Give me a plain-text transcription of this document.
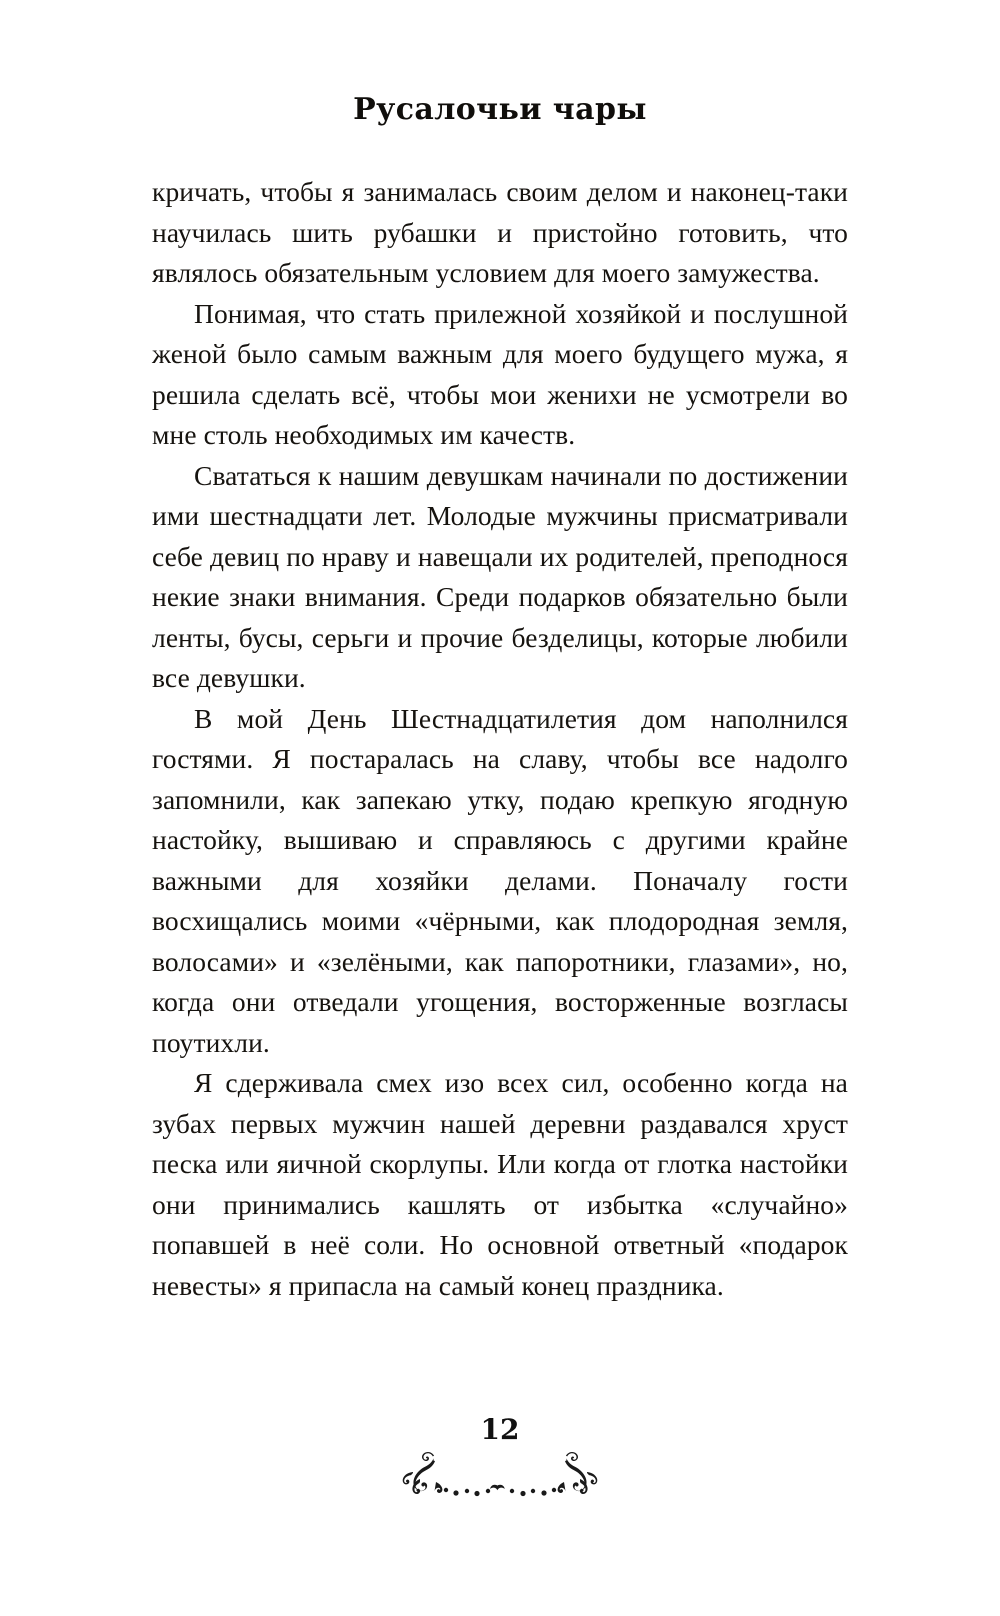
Русалочьи чары

кричать, чтобы я занималась своим делом и наконец-таки научилась шить рубашки и пристойно готовить, что являлось обязательным условием для моего замужества.

Понимая, что стать прилежной хозяйкой и послушной женой было самым важным для моего будущего мужа, я решила сделать всё, чтобы мои женихи не усмотрели во мне столь необходимых им качеств.

Свататься к нашим девушкам начинали по достижении ими шестнадцати лет. Молодые мужчины присматривали себе девиц по нраву и навещали их родителей, преподнося некие знаки внимания. Среди подарков обязательно были ленты, бусы, серьги и прочие безделицы, которые любили все девушки.

В мой День Шестнадцатилетия дом наполнился гостями. Я постаралась на славу, чтобы все надолго запомнили, как запекаю утку, подаю крепкую ягодную настойку, вышиваю и справляюсь с другими крайне важными для хозяйки делами. Поначалу гости восхищались моими «чёрными, как плодородная земля, волосами» и «зелёными, как папоротники, глазами», но, когда они отведали угощения, восторженные возгласы поутихли.

Я сдерживала смех изо всех сил, особенно когда на зубах первых мужчин нашей деревни раздавался хруст песка или яичной скорлупы. Или когда от глотка настойки они принимались кашлять от избытка «случайно» попавшей в неё соли. Но основной ответный «подарок невесты» я припасла на самый конец праздника.

12
